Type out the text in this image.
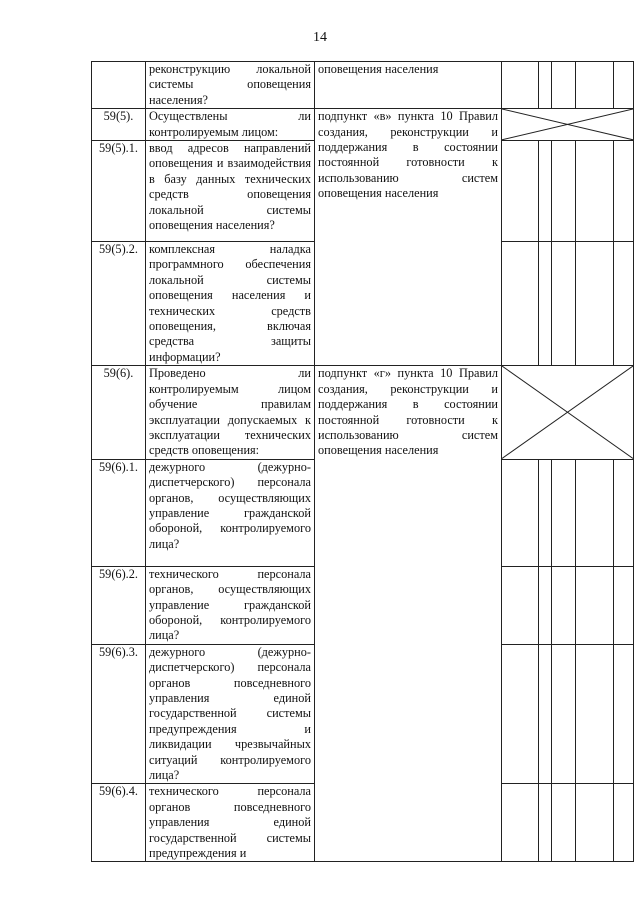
14
	реконструкцию локальной системы оповещения населения?	оповещения населения					
59(5).	Осуществлены ли контролируемым лицом:	подпункт «в» пункта 10 Правил создания, реконструкции и поддержания в состоянии постоянной готовности к использованию систем оповещения населения	

59(5).1.	ввод адресов направлений оповещения и взаимодействия в базу данных технических средств оповещения локальной системы оповещения населения?						
59(5).2.	комплексная наладка программного обеспечения локальной системы оповещения населения и технических средств оповещения, включая средства защиты информации?						
59(6).	Проведено ли контролируемым лицом обучение правилам эксплуатации допускаемых к эксплуатации технических средств оповещения:	подпункт «г» пункта 10 Правил создания, реконструкции и поддержания в состоянии постоянной готовности к использованию систем оповещения населения	

59(6).1.	дежурного (дежурно-диспетчерского) персонала органов, осуществляющих управление гражданской обороной, контролируемого лица?						
59(6).2.	технического персонала органов, осуществляющих управление гражданской обороной, контролируемого лица?						
59(6).3.	дежурного (дежурно-диспетчерского) персонала органов повседневного управления единой государственной системы предупреждения и ликвидации чрезвычайных ситуаций контролируемого лица?						
59(6).4.	технического персонала органов повседневного управления единой государственной системы предупреждения и						
